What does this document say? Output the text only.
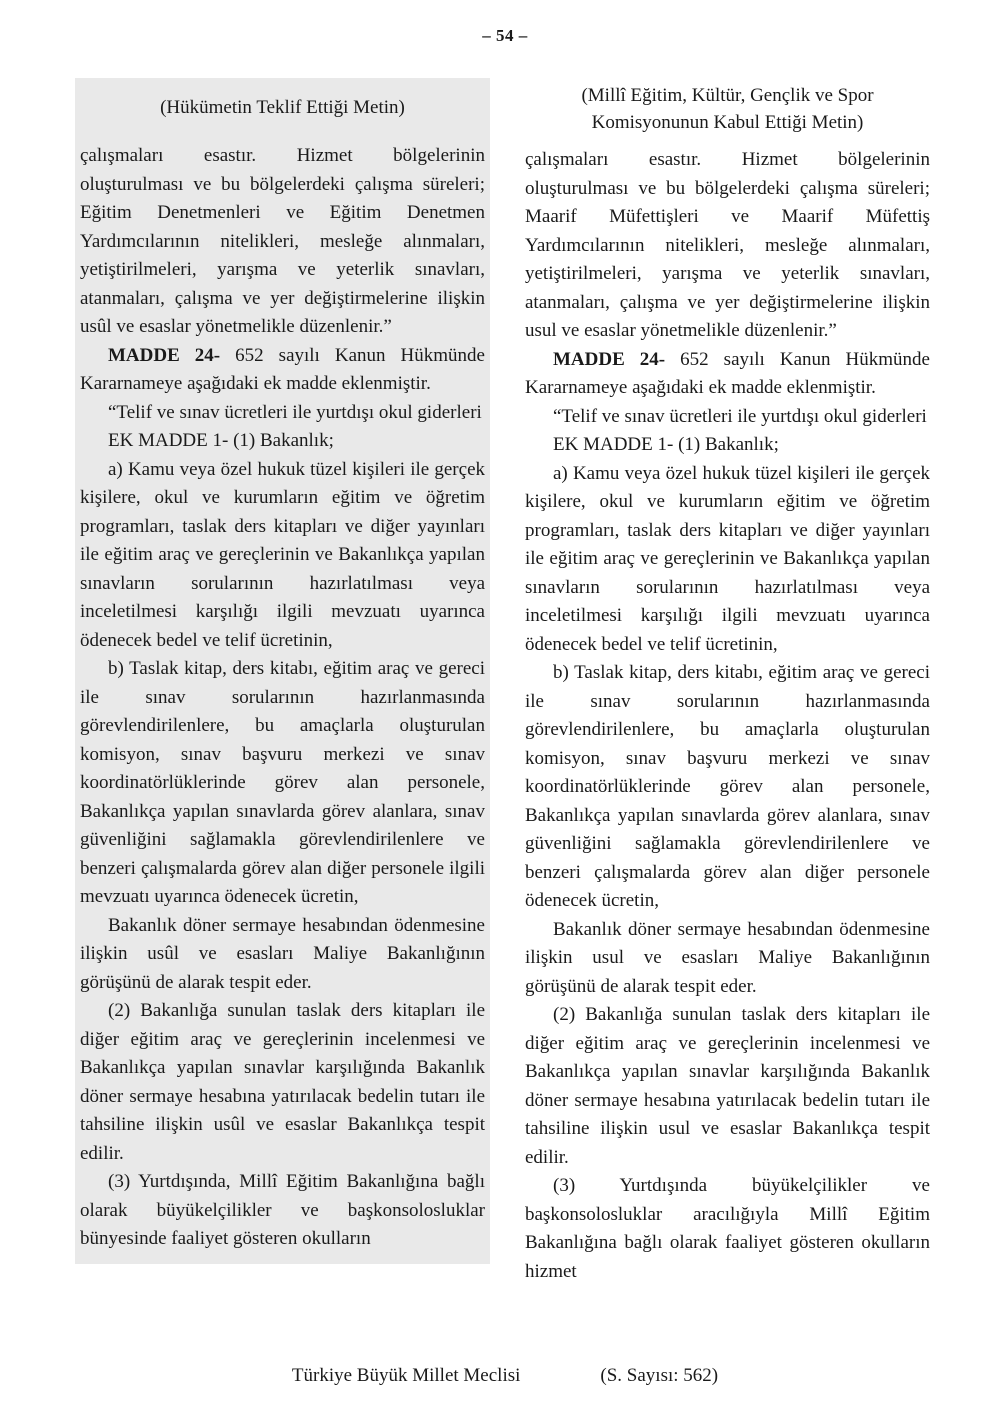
– 54 –
(Hükümetin Teklif Ettiği Metin)

çalışmaları esastır. Hizmet bölgelerinin oluşturulması ve bu bölgelerdeki çalışma süreleri; Eğitim Denetmenleri ve Eğitim Denetmen Yardımcılarının nitelikleri, mesleğe alınmaları, yetiştirilmeleri, yarışma ve yeterlik sınavları, atanmaları, çalışma ve yer değiştirmelerine ilişkin usûl ve esaslar yönetmelikle düzenlenir.”

MADDE 24- 652 sayılı Kanun Hükmünde Kararnameye aşağıdaki ek madde eklenmiştir.

“Telif ve sınav ücretleri ile yurtdışı okul giderleri

EK MADDE 1- (1) Bakanlık;

a) Kamu veya özel hukuk tüzel kişileri ile gerçek kişilere, okul ve kurumların eğitim ve öğretim programları, taslak ders kitapları ve diğer yayınları ile eğitim araç ve gereçlerinin ve Bakanlıkça yapılan sınavların sorularının hazırlatılması veya inceletilmesi karşılığı ilgili mevzuatı uyarınca ödenecek bedel ve telif ücretinin,

b) Taslak kitap, ders kitabı, eğitim araç ve gereci ile sınav sorularının hazırlanmasında görevlendirilenlere, bu amaçlarla oluşturulan komisyon, sınav başvuru merkezi ve sınav koordinatörlüklerinde görev alan personele, Bakanlıkça yapılan sınavlarda görev alanlara, sınav güvenliğini sağlamakla görevlendirilenlere ve benzeri çalışmalarda görev alan diğer personele ilgili mevzuatı uyarınca ödenecek ücretin,

Bakanlık döner sermaye hesabından ödenmesine ilişkin usûl ve esasları Maliye Bakanlığının görüşünü de alarak tespit eder.

(2) Bakanlığa sunulan taslak ders kitapları ile diğer eğitim araç ve gereçlerinin incelenmesi ve Bakanlıkça yapılan sınavlar karşılığında Bakanlık döner sermaye hesabına yatırılacak bedelin tutarı ile tahsiline ilişkin usûl ve esaslar Bakanlıkça tespit edilir.

(3) Yurtdışında, Millî Eğitim Bakanlığına bağlı olarak büyükelçilikler ve başkonsolosluklar bünyesinde faaliyet gösteren okulların

(Millî Eğitim, Kültür, Gençlik ve Spor Komisyonunun Kabul Ettiği Metin)

çalışmaları esastır. Hizmet bölgelerinin oluşturulması ve bu bölgelerdeki çalışma süreleri; Maarif Müfettişleri ve Maarif Müfettiş Yardımcılarının nitelikleri, mesleğe alınmaları, yetiştirilmeleri, yarışma ve yeterlik sınavları, atanmaları, çalışma ve yer değiştirmelerine ilişkin usul ve esaslar yönetmelikle düzenlenir.”

MADDE 24- 652 sayılı Kanun Hükmünde Kararnameye aşağıdaki ek madde eklenmiştir.

“Telif ve sınav ücretleri ile yurtdışı okul giderleri

EK MADDE 1- (1) Bakanlık;

a) Kamu veya özel hukuk tüzel kişileri ile gerçek kişilere, okul ve kurumların eğitim ve öğretim programları, taslak ders kitapları ve diğer yayınları ile eğitim araç ve gereçlerinin ve Bakanlıkça yapılan sınavların sorularının hazırlatılması veya inceletilmesi karşılığı ilgili mevzuatı uyarınca ödenecek bedel ve telif ücretinin,

b) Taslak kitap, ders kitabı, eğitim araç ve gereci ile sınav sorularının hazırlanmasında görevlendirilenlere, bu amaçlarla oluşturulan komisyon, sınav başvuru merkezi ve sınav koordinatörlüklerinde görev alan personele, Bakanlıkça yapılan sınavlarda görev alanlara, sınav güvenliğini sağlamakla görevlendirilenlere ve benzeri çalışmalarda görev alan diğer personele ödenecek ücretin,

Bakanlık döner sermaye hesabından ödenmesine ilişkin usul ve esasları Maliye Bakanlığının görüşünü de alarak tespit eder.

(2) Bakanlığa sunulan taslak ders kitapları ile diğer eğitim araç ve gereçlerinin incelenmesi ve Bakanlıkça yapılan sınavlar karşılığında Bakanlık döner sermaye hesabına yatırılacak bedelin tutarı ile tahsiline ilişkin usul ve esaslar Bakanlıkça tespit edilir.

(3) Yurtdışında büyükelçilikler ve başkonsolosluklar aracılığıyla Millî Eğitim Bakanlığına bağlı olarak faaliyet gösteren okulların hizmet

Türkiye Büyük Millet Meclisi	(S. Sayısı: 562)
